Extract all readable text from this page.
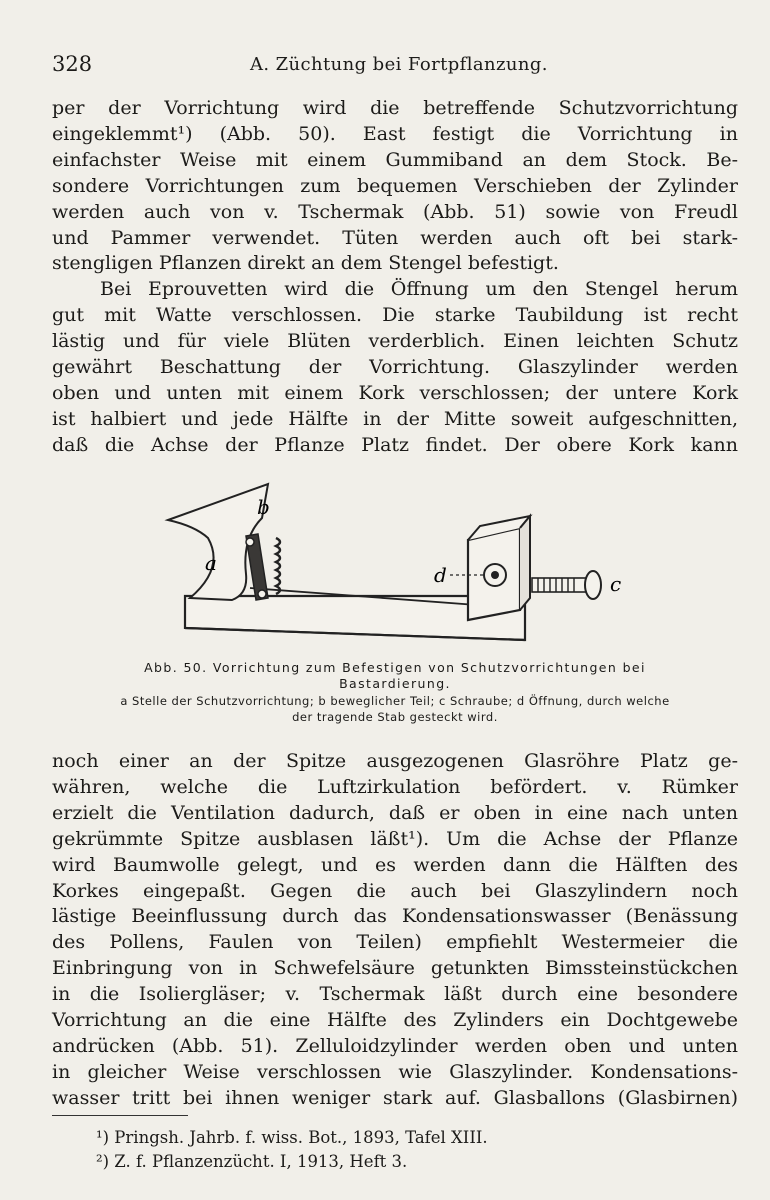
328	A. Züchtung bei Fortpflanzung.

per der Vorrichtung wird die betreffende Schutzvorrichtung
eingeklemmt¹) (Abb. 50). East festigt die Vorrichtung in
einfachster Weise mit einem Gummiband an dem Stock. Be-
sondere Vorrichtungen zum bequemen Verschieben der Zylinder
werden auch von v. Tschermak (Abb. 51) sowie von Freudl
und Pammer verwendet. Tüten werden auch oft bei stark-
stengligen Pflanzen direkt an dem Stengel befestigt.

Bei Eprouvetten wird die Öffnung um den Stengel herum
gut mit Watte verschlossen. Die starke Taubildung ist recht
lästig und für viele Blüten verderblich. Einen leichten Schutz
gewährt Beschattung der Vorrichtung. Glaszylinder werden
oben und unten mit einem Kork verschlossen; der untere Kork
ist halbiert und jede Hälfte in der Mitte soweit aufgeschnitten,
daß die Achse der Pflanze Platz findet. Der obere Kork kann

a
b
c
d
Abb. 50. Vorrichtung zum Befestigen von Schutzvorrichtungen bei
Bastardierung.
a Stelle der Schutzvorrichtung; b beweglicher Teil; c Schraube; d Öffnung, durch welche
der tragende Stab gesteckt wird.

noch einer an der Spitze ausgezogenen Glasröhre Platz ge-
währen, welche die Luftzirkulation befördert. v. Rümker
erzielt die Ventilation dadurch, daß er oben in eine nach unten
gekrümmte Spitze ausblasen läßt¹). Um die Achse der Pflanze
wird Baumwolle gelegt, und es werden dann die Hälften des
Korkes eingepaßt. Gegen die auch bei Glaszylindern noch
lästige Beeinflussung durch das Kondensationswasser (Benässung
des Pollens, Faulen von Teilen) empfiehlt Westermeier die
Einbringung von in Schwefelsäure getunkten Bimssteinstückchen
in die Isoliergläser; v. Tschermak läßt durch eine besondere
Vorrichtung an die eine Hälfte des Zylinders ein Dochtgewebe
andrücken (Abb. 51). Zelluloidzylinder werden oben und unten
in gleicher Weise verschlossen wie Glaszylinder. Kondensations-
wasser tritt bei ihnen weniger stark auf. Glasballons (Glasbirnen)

¹) Pringsh. Jahrb. f. wiss. Bot., 1893, Tafel XIII.
²) Z. f. Pflanzenzücht. I, 1913, Heft 3.
